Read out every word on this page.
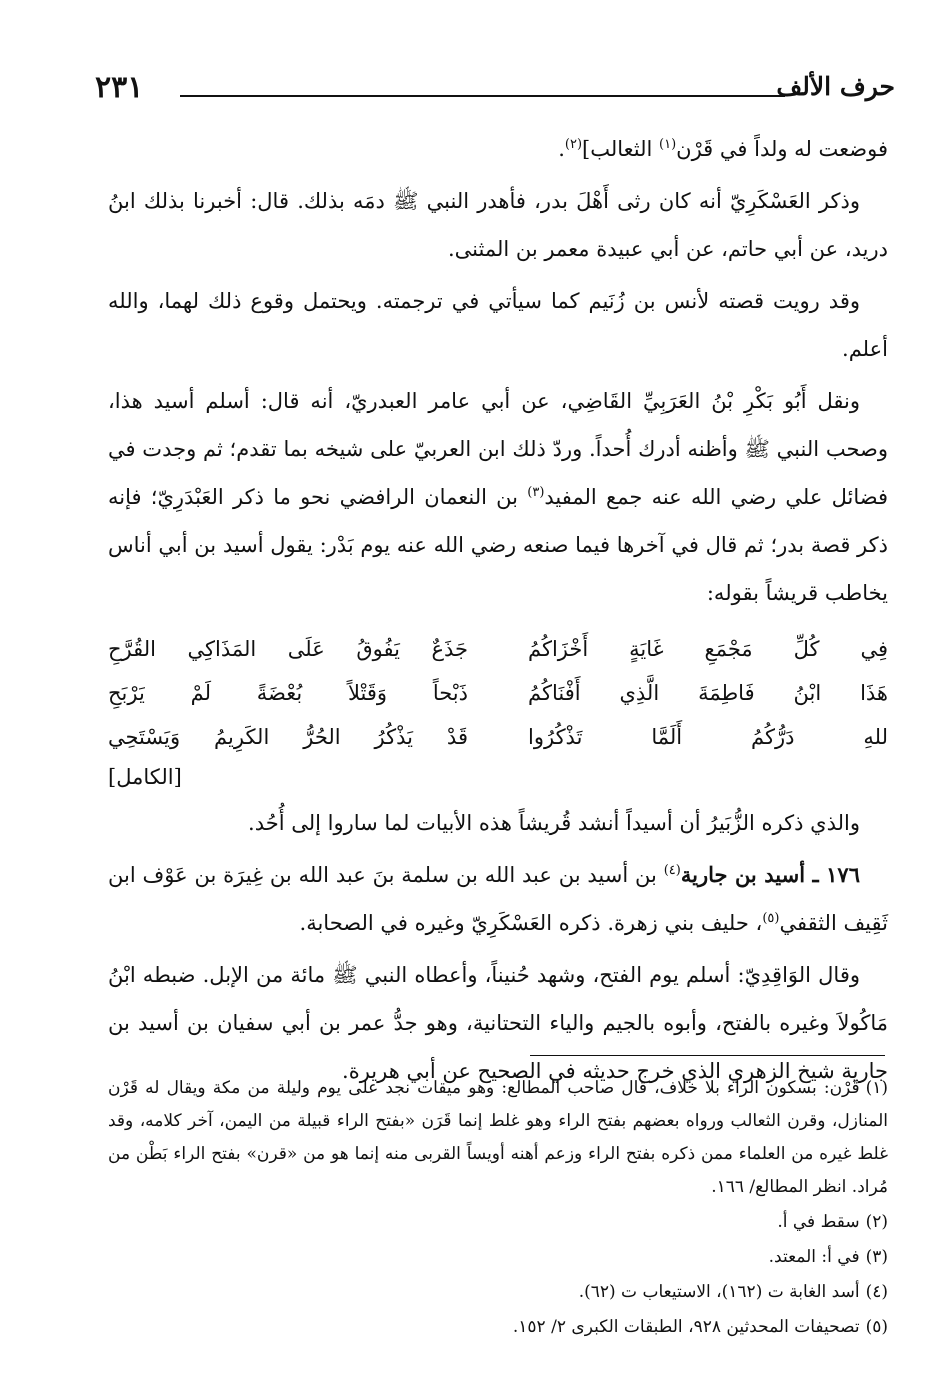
حرف الألف
٢٣١

فوضعت له ولداً في قَرْن$^{(١)}$ الثعالب]$^{(٢)}$.

وذكر العَسْكَرِيّ أنه كان رثى أَهْلَ بدر، فأهدر النبي ﷺ دمَه بذلك. قال: أخبرنا بذلك ابنُ دريد، عن أبي حاتم، عن أبي عبيدة معمر بن المثنى.

وقد رويت قصته لأنس بن زُنَيم كما سيأتي في ترجمته. ويحتمل وقوع ذلك لهما، والله أعلم.

ونقل أَبُو بَكْرِ بْنُ العَرَبِيِّ القَاضِي، عن أبي عامر العبدريّ، أنه قال: أسلم أسيد هذا، وصحب النبي ﷺ وأظنه أدرك أُحداً. وردّ ذلك ابن العربيّ على شيخه بما تقدم؛ ثم وجدت في فضائل علي رضي الله عنه جمع المفيد$^{(٣)}$ بن النعمان الرافضي نحو ما ذكر العَبْدَرِيّ؛ فإنه ذكر قصة بدر؛ ثم قال في آخرها فيما صنعه رضي الله عنه يوم بَدْر: يقول أسيد بن أبي أناس يخاطب قريشاً بقوله:

فِي كُلِّ مَجْمَعِ غَايَةٍ أَخْزَاكُمُ
جَذَعٌ يَفُوقُ عَلَى المَذَاكِي القُرَّحِ
هَذَا ابْنُ فَاطِمَةَ الَّذِي أَفْنَاكُمُ
ذَبْحاً وَقَتْلاً بُعْضَةً لَمْ يَرْبَحِ
للهِ دَرُّكُمُ أَلَمَّا تَذْكُرُوا
قَدْ يَذْكُرُ الحُرُّ الكَرِيمُ وَيَسْتَحِي
[الكامل]

والذي ذكره الزُّبَيرُ أن أسيداً أنشد قُريشاً هذه الأبيات لما ساروا إلى أُحُد.

١٧٦ ـ أسيد بن جارية$^{(٤)}$ بن أسيد بن عبد الله بن سلمة بنَ عبد الله بن غِيرَة بن عَوْف ابن ثَقِيف الثقفي$^{(٥)}$، حليف بني زهرة. ذكره العَسْكَرِيّ وغيره في الصحابة.

وقال الوَاقِدِيّ: أسلم يوم الفتح، وشهد حُنيناً، وأعطاه النبي ﷺ مائة من الإبل. ضبطه ابْنُ مَاكُولاَ وغيره بالفتح، وأبوه بالجيم والياء التحتانية، وهو جدُّ عمر بن أبي سفيان بن أسيد بن جارية شيخ الزهري الذي خرج حديثه في الصحيح عن أبي هريرة.

(١)قَرْن: بسكون الراء بلا خلاف، قال صاحب المطالع: وهو ميقات نجد على يوم وليلة من مكة ويقال له قَرْن المنازل، وقرن الثعالب ورواه بعضهم بفتح الراء وهو غلط إنما قَرَن «بفتح الراء قبيلة من اليمن، آخر كلامه، وقد غلط غيره من العلماء ممن ذكره بفتح الراء وزعم أهنه أويساً القربى منه إنما هو من «قرن» بفتح الراء بَطْن من مُراد. انظر المطالع/ ١٦٦.

(٢)سقط في أ.

(٣)في أ: المعتد.

(٤)أسد الغابة ت (١٦٢)، الاستيعاب ت (٦٢).

(٥)تصحيفات المحدثين ٩٢٨، الطبقات الكبرى ٢/ ١٥٢.
